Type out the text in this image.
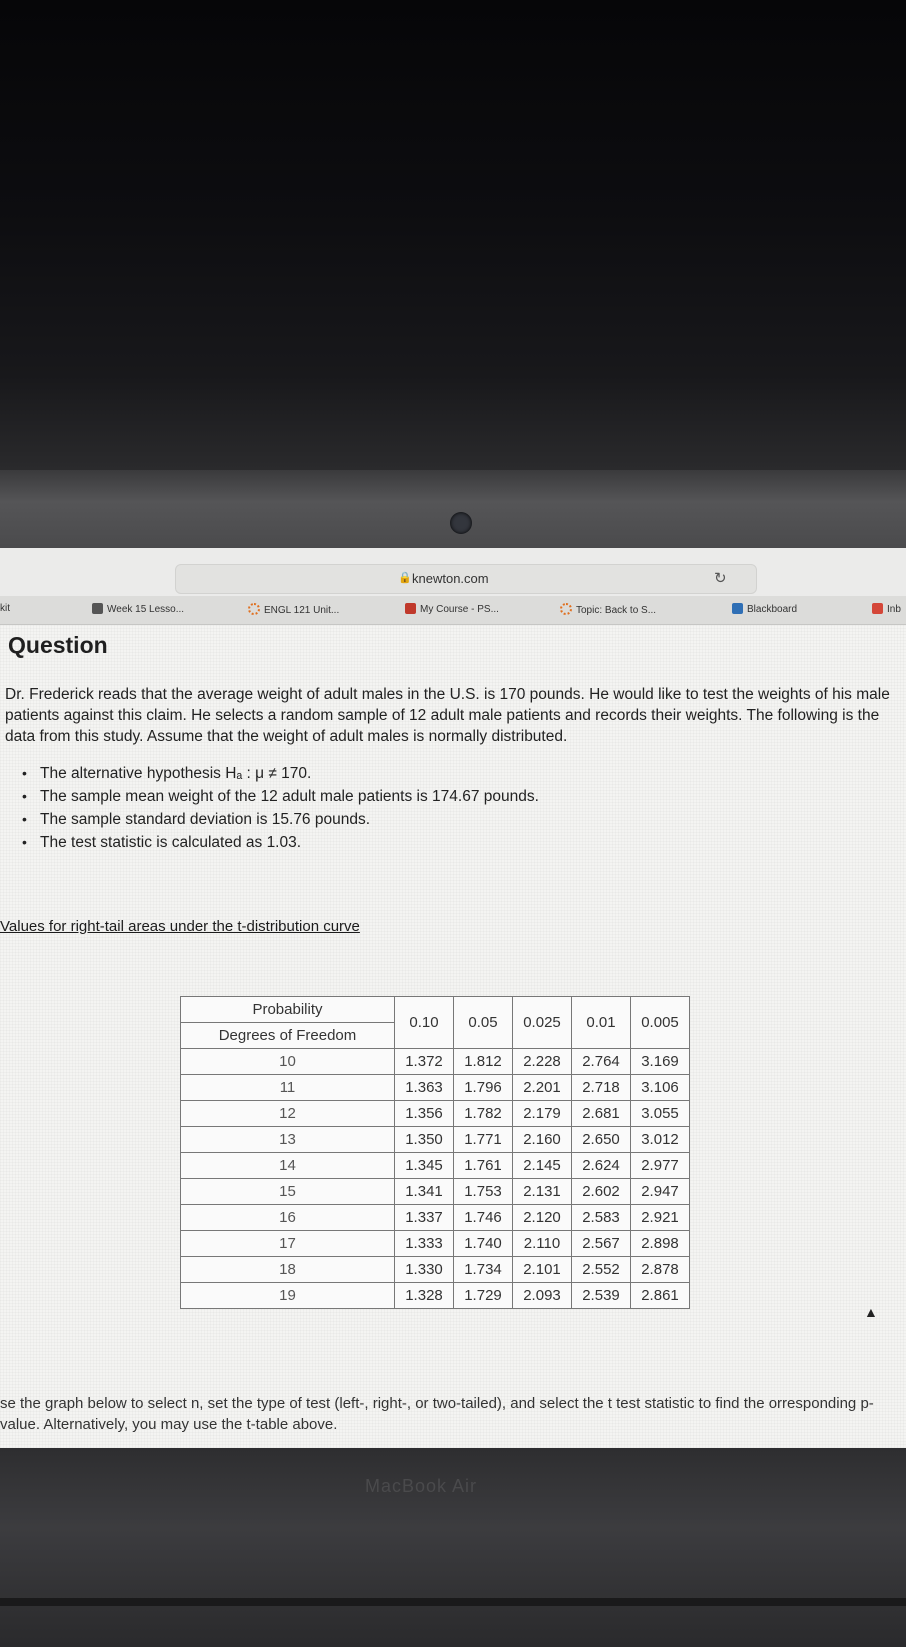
🔒 knewton.com	↻
kit	Week 15 Lesso...	ENGL 121 Unit...	My Course - PS...	Topic: Back to S...	Blackboard	Inb
Question
Dr. Frederick reads that the average weight of adult males in the U.S. is 170 pounds. He would like to test the weights of his male patients against this claim. He selects a random sample of 12 adult male patients and records their weights. The following is the data from this study. Assume that the weight of adult males is normally distributed.
• The alternative hypothesis Hₐ : μ ≠ 170.
• The sample mean weight of the 12 adult male patients is 174.67 pounds.
• The sample standard deviation is 15.76 pounds.
• The test statistic is calculated as 1.03.
Values for right-tail areas under the t-distribution curve
Probability	0.10	0.05	0.025	0.01	0.005
Degrees of Freedom					
10	1.372	1.812	2.228	2.764	3.169
11	1.363	1.796	2.201	2.718	3.106
12	1.356	1.782	2.179	2.681	3.055
13	1.350	1.771	2.160	2.650	3.012
14	1.345	1.761	2.145	2.624	2.977
15	1.341	1.753	2.131	2.602	2.947
16	1.337	1.746	2.120	2.583	2.921
17	1.333	1.740	2.110	2.567	2.898
18	1.330	1.734	2.101	2.552	2.878
19	1.328	1.729	2.093	2.539	2.861
▲
se the graph below to select n, set the type of test (left-, right-, or two-tailed), and select the t test statistic to find the orresponding p-value. Alternatively, you may use the t-table above.
MacBook Air
